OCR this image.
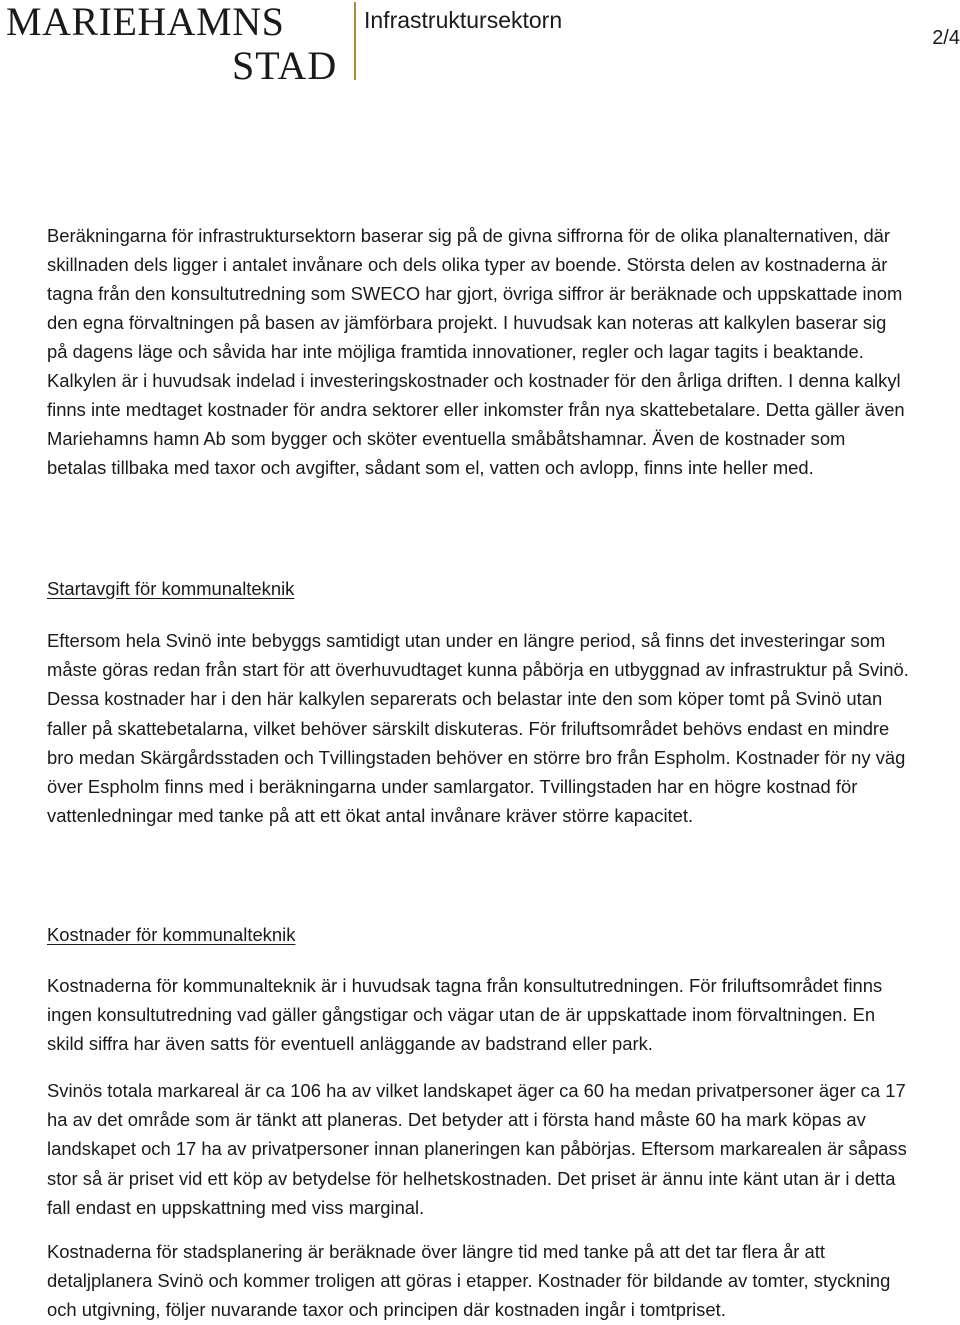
MARIEHAMNS
STAD
Infrastruktursektorn
2/4

Beräkningarna för infrastruktursektorn baserar sig på de givna siffrorna för de olika planalternativen, där skillnaden dels ligger i antalet invånare och dels olika typer av boende. Största delen av kostnaderna är tagna från den konsultutredning som SWECO har gjort, övriga siffror är beräknade och uppskattade inom den egna förvaltningen på basen av jämförbara projekt. I huvudsak kan noteras att kalkylen baserar sig på dagens läge och såvida har inte möjliga framtida innovationer, regler och lagar tagits i beaktande. Kalkylen är i huvudsak indelad i investeringskostnader och kostnader för den årliga driften. I denna kalkyl finns inte medtaget kostnader för andra sektorer eller inkomster från nya skattebetalare. Detta gäller även Mariehamns hamn Ab som bygger och sköter eventuella småbåtshamnar. Även de kostnader som betalas tillbaka med taxor och avgifter, sådant som el, vatten och avlopp, finns inte heller med.

Startavgift för kommunalteknik

Eftersom hela Svinö inte bebyggs samtidigt utan under en längre period, så finns det investeringar som måste göras redan från start för att överhuvudtaget kunna påbörja en utbyggnad av infrastruktur på Svinö. Dessa kostnader har i den här kalkylen separerats och belastar inte den som köper tomt på Svinö utan faller på skattebetalarna, vilket behöver särskilt diskuteras. För friluftsområdet behövs endast en mindre bro medan Skärgårdsstaden och Tvillingstaden behöver en större bro från Espholm. Kostnader för ny väg över Espholm finns med i beräkningarna under samlargator. Tvillingstaden har en högre kostnad för vattenledningar med tanke på att ett ökat antal invånare kräver större kapacitet.

Kostnader för kommunalteknik

Kostnaderna för kommunalteknik är i huvudsak tagna från konsultutredningen. För friluftsområdet finns ingen konsultutredning vad gäller gångstigar och vägar utan de är uppskattade inom förvaltningen. En skild siffra har även satts för eventuell anläggande av badstrand eller park.

Svinös totala markareal är ca 106 ha av vilket landskapet äger ca 60 ha medan privatpersoner äger ca 17 ha av det område som är tänkt att planeras. Det betyder att i första hand måste 60 ha mark köpas av landskapet och 17 ha av privatpersoner innan planeringen kan påbörjas. Eftersom markarealen är såpass stor så är priset vid ett köp av betydelse för helhetskostnaden. Det priset är ännu inte känt utan är i detta fall endast en uppskattning med viss marginal.

Kostnaderna för stadsplanering är beräknade över längre tid med tanke på att det tar flera år att detaljplanera Svinö och kommer troligen att göras i etapper. Kostnader för bildande av tomter, styckning och utgivning, följer nuvarande taxor och principen där kostnaden ingår i tomtpriset.
